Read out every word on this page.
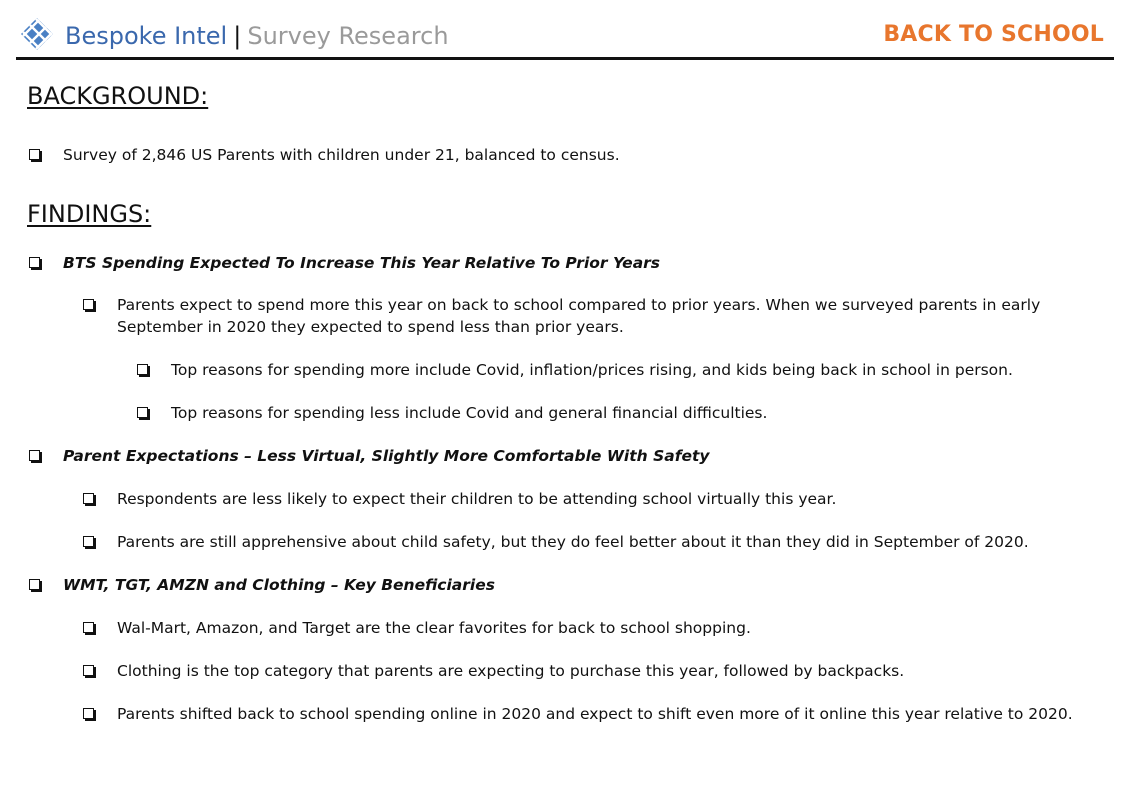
Bespoke Intel | Survey Research	BACK TO SCHOOL
BACKGROUND:
Survey of 2,846 US Parents with children under 21, balanced to census.
FINDINGS:
BTS Spending Expected To Increase This Year Relative To Prior Years
Parents expect to spend more this year on back to school compared to prior years. When we surveyed parents in early September in 2020 they expected to spend less than prior years.
Top reasons for spending more include Covid, inflation/prices rising, and kids being back in school in person.
Top reasons for spending less include Covid and general financial difficulties.
Parent Expectations – Less Virtual, Slightly More Comfortable With Safety
Respondents are less likely to expect their children to be attending school virtually this year.
Parents are still apprehensive about child safety, but they do feel better about it than they did in September of 2020.
WMT, TGT, AMZN and Clothing – Key Beneficiaries
Wal-Mart, Amazon, and Target are the clear favorites for back to school shopping.
Clothing is the top category that parents are expecting to purchase this year, followed by backpacks.
Parents shifted back to school spending online in 2020 and expect to shift even more of it online this year relative to 2020.
